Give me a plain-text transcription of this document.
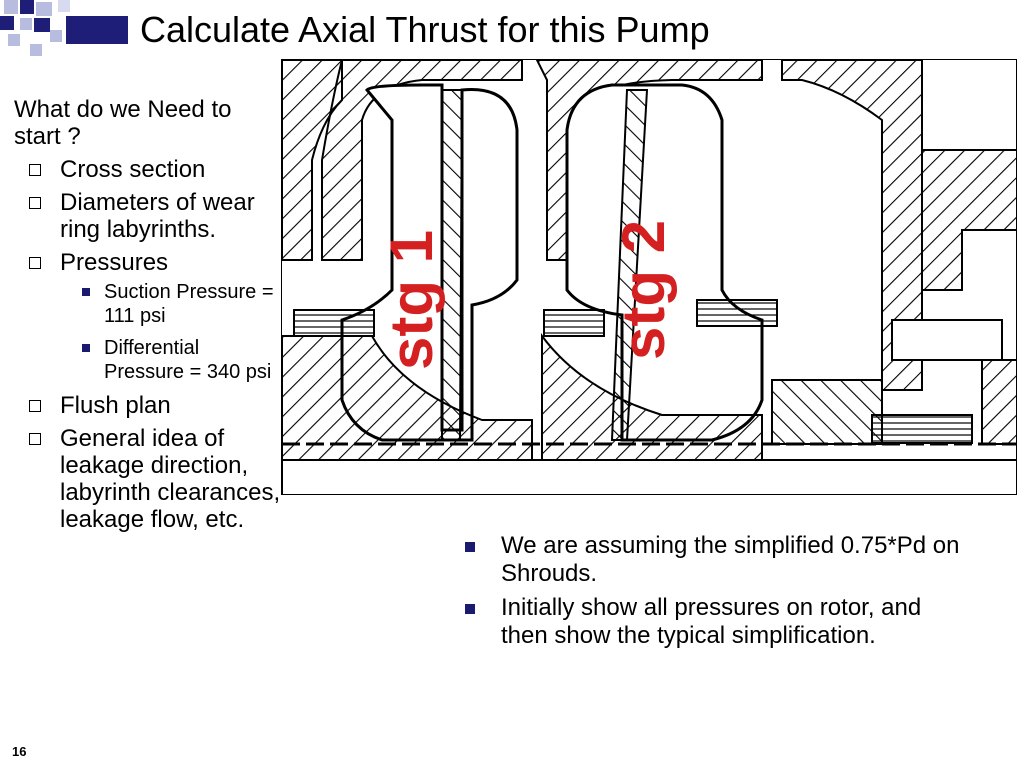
Calculate Axial Thrust for this Pump
What do we Need to start ?
Cross section
Diameters of wear ring labyrinths.
Pressures
Suction Pressure = 111 psi
Differential Pressure = 340 psi
Flush plan
General idea of leakage direction, labyrinth clearances, leakage flow, etc.
stg 1	stg 2
We are assuming the simplified 0.75*Pd on Shrouds.
Initially show all pressures on rotor, and then show the typical simplification.
16
